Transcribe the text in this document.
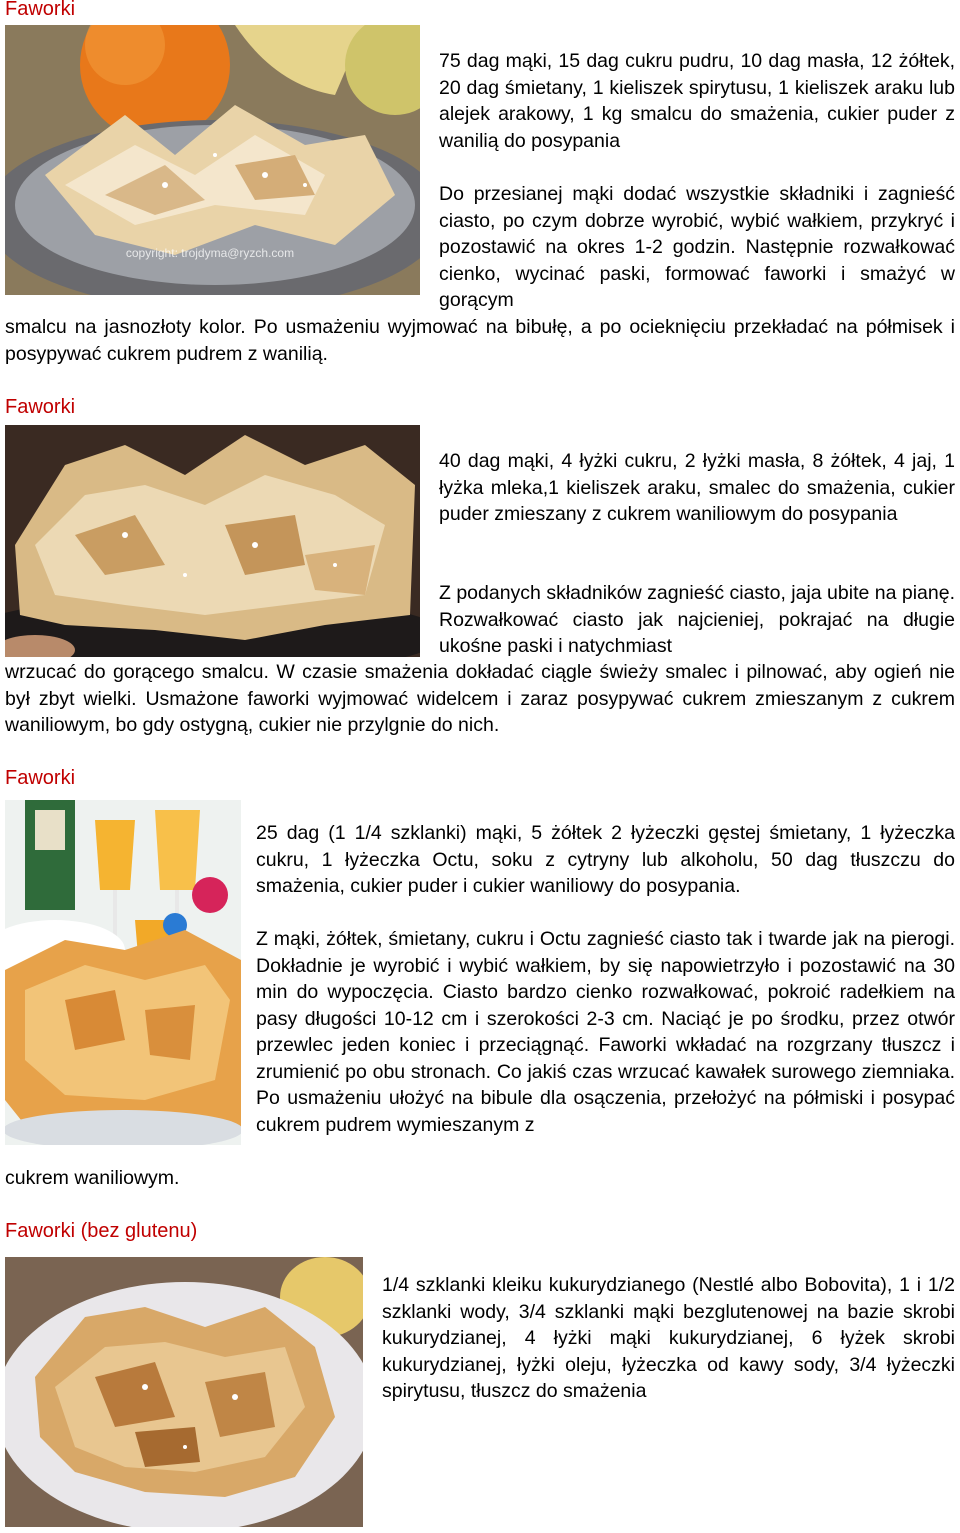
Faworki
copyright: trojdyma@ryzch.com

75 dag mąki, 15 dag cukru pudru, 10 dag masła, 12 żółtek, 20 dag śmietany, 1 kieliszek spirytusu, 1 kieliszek araku lub alejek arakowy, 1 kg smalcu do smażenia, cukier puder z wanilią do posypania

Do przesianej mąki dodać wszystkie składniki i zagnieść ciasto, po czym dobrze wyrobić, wybić wałkiem, przykryć i pozostawić na okres 1-2 godzin. Następnie rozwałkować cienko, wycinać paski, formować faworki i smażyć w gorącym

smalcu na jasnozłoty kolor. Po usmażeniu wyjmować na bibułę, a po ocieknięciu przekładać na półmisek i posypywać cukrem pudrem z wanilią.

Faworki

40 dag mąki, 4 łyżki cukru, 2 łyżki masła, 8 żółtek, 4 jaj, 1 łyżka mleka,1 kieliszek araku, smalec do smażenia, cukier puder zmieszany z cukrem waniliowym do posypania

Z podanych składników zagnieść ciasto, jaja ubite na pianę. Rozwałkować ciasto jak najcieniej, pokrajać na długie ukośne paski i natychmiast

wrzucać do gorącego smalcu. W czasie smażenia dokładać ciągle świeży smalec i pilnować, aby ogień nie był zbyt wielki. Usmażone faworki wyjmować widelcem i zaraz posypywać cukrem zmieszanym z cukrem waniliowym, bo gdy ostygną, cukier nie przylgnie do nich.

Faworki

25 dag (1 1/4 szklanki) mąki, 5 żółtek 2 łyżeczki gęstej śmietany, 1 łyżeczka cukru, 1 łyżeczka Octu, soku z cytryny lub alkoholu, 50 dag tłuszczu do smażenia, cukier puder i cukier waniliowy do posypania.

Z mąki, żółtek, śmietany, cukru i Octu zagnieść ciasto tak i twarde jak na pierogi. Dokładnie je wyrobić i wybić wałkiem, by się napowietrzyło i pozostawić na 30 min do wypoczęcia. Ciasto bardzo cienko rozwałkować, pokroić radełkiem na pasy długości 10-12 cm i szerokości 2-3 cm. Naciąć je po środku, przez otwór przewlec jeden koniec i przeciągnąć. Faworki wkładać na rozgrzany tłuszcz i zrumienić po obu stronach. Co jakiś czas wrzucać kawałek surowego ziemniaka. Po usmażeniu ułożyć na bibule dla osączenia, przełożyć na półmiski i posypać cukrem pudrem wymieszanym z

cukrem waniliowym.

Faworki (bez glutenu)

1/4 szklanki kleiku kukurydzianego (Nestlé albo Bobovita), 1 i 1/2 szklanki wody, 3/4 szklanki mąki bezglutenowej na bazie skrobi kukurydzianej, 4 łyżki mąki kukurydzianej, 6 łyżek skrobi kukurydzianej, łyżki oleju, łyżeczka od kawy sody, 3/4 łyżeczki spirytusu, tłuszcz do smażenia
